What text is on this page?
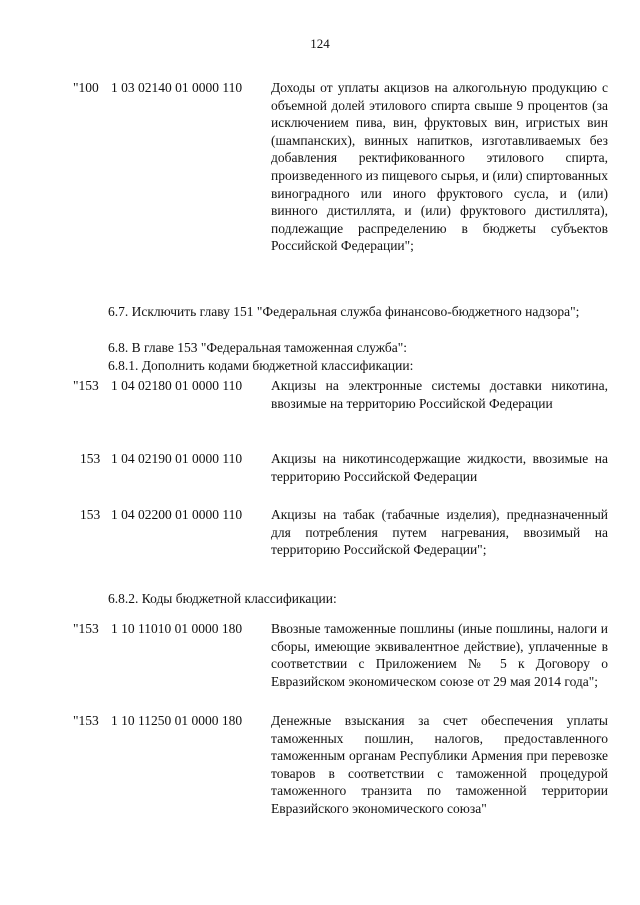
124
"100 1 03 02140 01 0000 110 Доходы от уплаты акцизов на алкогольную продукцию с объемной долей этилового спирта свыше 9 процентов (за исключением пива, вин, фруктовых вин, игристых вин (шампанских), винных напитков, изготавливаемых без добавления ректификованного этилового спирта, произведенного из пищевого сырья, и (или) спиртованных виноградного или иного фруктового сусла, и (или) винного дистиллята, и (или) фруктового дистиллята), подлежащие распределению в бюджеты субъектов Российской Федерации";
6.7. Исключить главу 151 "Федеральная служба финансово-бюджетного надзора";
6.8. В главе 153 "Федеральная таможенная служба":
6.8.1. Дополнить кодами бюджетной классификации:
"153 1 04 02180 01 0000 110 Акцизы на электронные системы доставки никотина, ввозимые на территорию Российской Федерации
153 1 04 02190 01 0000 110 Акцизы на никотинсодержащие жидкости, ввозимые на территорию Российской Федерации
153 1 04 02200 01 0000 110 Акцизы на табак (табачные изделия), предназначенный для потребления путем нагревания, ввозимый на территорию Российской Федерации";
6.8.2. Коды бюджетной классификации:
"153 1 10 11010 01 0000 180 Ввозные таможенные пошлины (иные пошлины, налоги и сборы, имеющие эквивалентное действие), уплаченные в соответствии с Приложением № 5 к Договору о Евразийском экономическом союзе от 29 мая 2014 года";
"153 1 10 11250 01 0000 180 Денежные взыскания за счет обеспечения уплаты таможенных пошлин, налогов, предоставленного таможенным органам Республики Армения при перевозке товаров в соответствии с таможенной процедурой таможенного транзита по таможенной территории Евразийского экономического союза"
